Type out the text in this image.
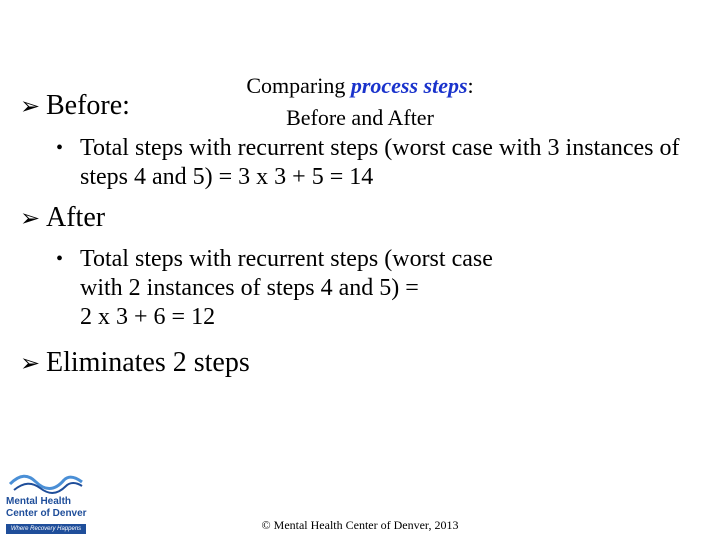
Comparing process steps:
Before and After
➢ Before:
• Total steps with recurrent steps (worst case with 3 instances of steps 4 and 5) = 3 x 3 + 5 = 14
➢ After
• Total steps with recurrent steps (worst case
with 2 instances of steps 4 and 5) =
2 x 3 + 6 = 12
➢ Eliminates 2 steps
Mental Health
Center of Denver
Where Recovery Happens	© Mental Health Center of Denver, 2013
